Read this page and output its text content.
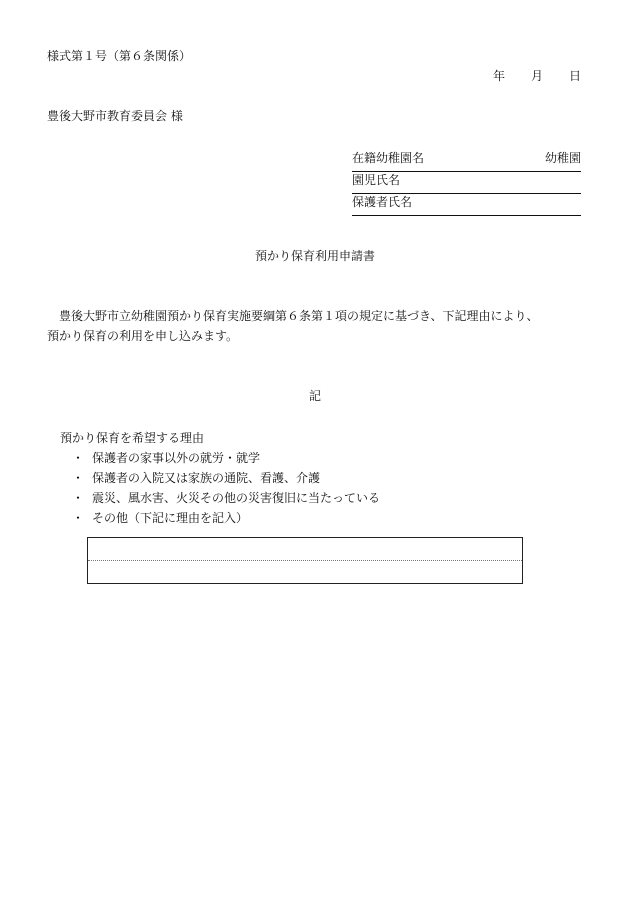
様式第１号（第６条関係）
年 月 日
豊後大野市教育委員会 様
在籍幼稚園名	幼稚園
園児氏名
保護者氏名
預かり保育利用申請書
豊後大野市立幼稚園預かり保育実施要綱第６条第１項の規定に基づき、下記理由により、
預かり保育の利用を申し込みます。
記
預かり保育を希望する理由
・ 保護者の家事以外の就労・就学
・ 保護者の入院又は家族の通院、看護、介護
・ 震災、風水害、火災その他の災害復旧に当たっている
・ その他（下記に理由を記入）
